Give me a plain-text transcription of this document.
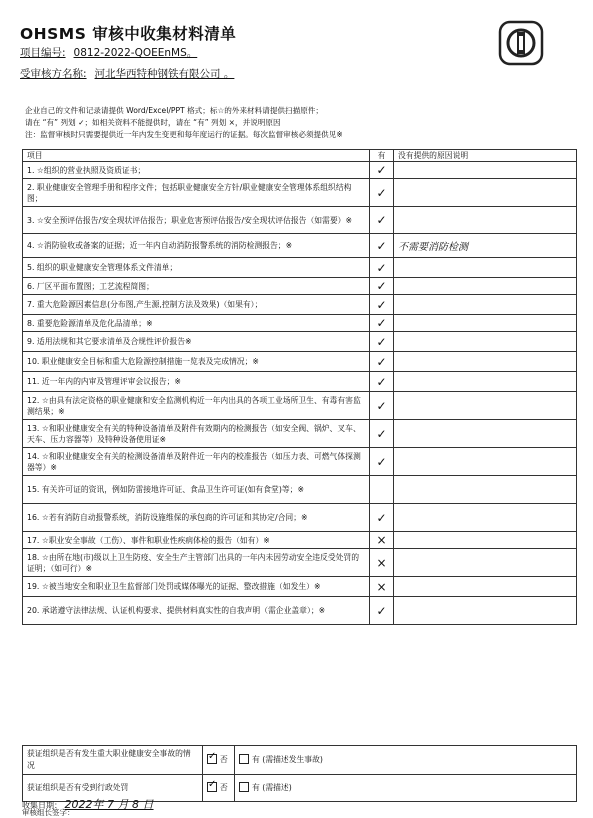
OHSMS 审核中收集材料清单
项目编号: 0812-2022-QOEEnMS。
受审核方名称: 河北华西特种钢铁有限公司 。
企业自己的文件和记录请提供 Word/Excel/PPT 格式；标☆的外来材料请提供扫描原件；
请在 “有” 列划 ✓；如相关资料不能提供时，请在 “有” 列划 ×，并说明原因
注：监督审核时只需要提供近一年内发生变更和每年度运行的证据。每次监督审核必须提供见※
项目	有	没有提供的原因说明
1. ☆组织的营业执照及资质证书；	✓	
2. 职业健康安全管理手册和程序文件；包括职业健康安全方针/职业健康安全管理体系组织结构图；	✓	
3. ☆安全预评估报告/安全现状评估报告；职业危害预评估报告/安全现状评估报告（如需要）※	✓	
4. ☆消防验收或备案的证据；近一年内自动消防报警系统的消防检测报告；※	✓	不需要消防检测
5. 组织的职业健康安全管理体系文件清单；	✓	
6. 厂区平面布置图；工艺流程简图；	✓	
7. 重大危险源因素信息(分布图,产生源,控制方法及效果)（如果有）；	✓	
8. 重要危险源清单及危化品清单；※	✓	
9. 适用法规和其它要求清单及合规性评价报告※	✓	
10. 职业健康安全目标和重大危险源控制措施一览表及完成情况；※	✓	
11. 近一年内的内审及管理评审会议报告；※	✓	
12. ☆由具有法定资格的职业健康和安全监测机构近一年内出具的各项工业场所卫生、有毒有害监测结果；※	✓	
13. ☆和职业健康安全有关的特种设备清单及附件有效期内的检测报告（如安全阀、锅炉、叉车、天车、压力容器等）及特种设备使用证※	✓	
14. ☆和职业健康安全有关的检测设备清单及附件近一年内的校准报告（如压力表、可燃气体探测器等）※	✓	
15. 有关许可证的资讯，例如防雷接地许可证、食品卫生许可证(如有食堂)等；※		
16. ☆若有消防自动报警系统，消防设施维保的承包商的许可证和其协定/合同；※	✓	
17. ☆职业安全事故（工伤）、事件和职业性疾病体检的报告（如有）※	×	
18. ☆由所在地(市)级以上卫生防疫、安全生产主管部门出具的一年内未因劳动安全违反受处罚的证明；（如可行）※	×	
19. ☆被当地安全和职业卫生监督部门处罚或媒体曝光的证据、整改措施（如发生）※	×	
20. 承诺遵守法律法规、认证机构要求、提供材料真实性的自我声明（需企业盖章）；※	✓	
获证组织是否有发生重大职业健康安全事故的情况	✓否	有 (需描述发生事故)
获证组织是否有受到行政处罚	✓否	有 (需描述)
收集日期： 2022年 7 月 8 日
审核组长签字：
